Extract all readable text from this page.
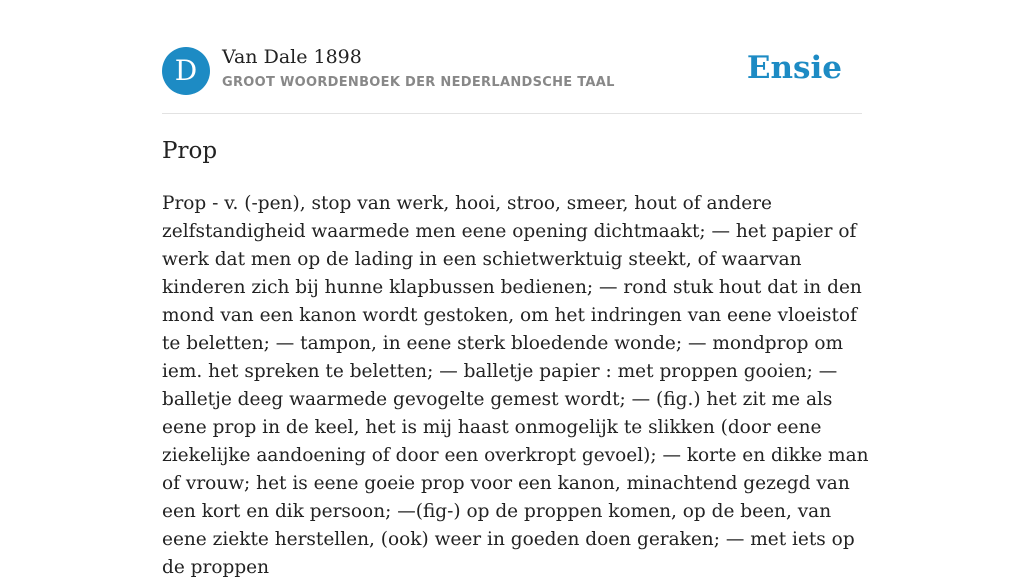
D	Van Dale 1898
GROOT WOORDENBOEK DER NEDERLANDSCHE TAAL	Ensie
Prop

Prop - v. (-pen), stop van werk, hooi, stroo, smeer, hout of andere zelfstandigheid waarmede men eene opening dichtmaakt; — het papier of werk dat men op de lading in een schietwerktuig steekt, of waarvan kinderen zich bij hunne klapbussen bedienen; — rond stuk hout dat in den mond van een kanon wordt gestoken, om het indringen van eene vloeistof te beletten; — tampon, in eene sterk bloedende wonde; — mondprop om iem. het spreken te beletten; — balletje papier : met proppen gooien; — balletje deeg waarmede gevogelte gemest wordt; — (fig.) het zit me als eene prop in de keel, het is mij haast onmogelijk te slikken (door eene ziekelijke aandoening of door een overkropt gevoel); — korte en dikke man of vrouw; het is eene goeie prop voor een kanon, minachtend gezegd van een kort en dik persoon; —(fig-) op de proppen komen, op de been, van eene ziekte herstellen, (ook) weer in goeden doen geraken; — met iets op de proppen
